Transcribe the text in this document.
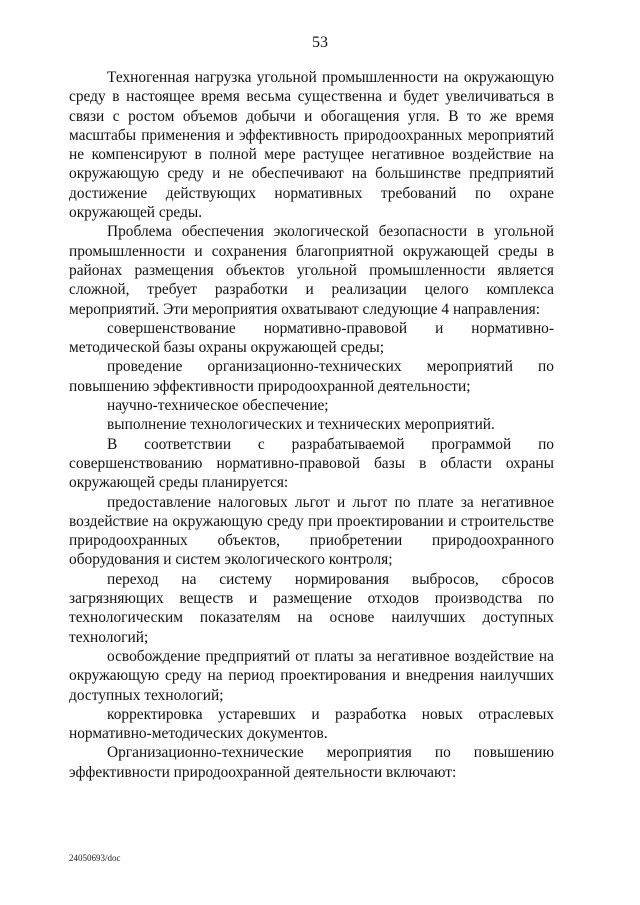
53

Техногенная нагрузка угольной промышленности на окружающую среду в настоящее время весьма существенна и будет увеличиваться в связи с ростом объемов добычи и обогащения угля. В то же время масштабы применения и эффективность природоохранных мероприятий не компенсируют в полной мере растущее негативное воздействие на окружающую среду и не обеспечивают на большинстве предприятий достижение действующих нормативных требований по охране окружающей среды.

Проблема обеспечения экологической безопасности в угольной промышленности и сохранения благоприятной окружающей среды в районах размещения объектов угольной промышленности является сложной, требует разработки и реализации целого комплекса мероприятий. Эти мероприятия охватывают следующие 4 направления:

совершенствование нормативно-правовой и нормативно-методической базы охраны окружающей среды;

проведение организационно-технических мероприятий по повышению эффективности природоохранной деятельности;

научно-техническое обеспечение;

выполнение технологических и технических мероприятий.

В соответствии с разрабатываемой программой по совершенствованию нормативно-правовой базы в области охраны окружающей среды планируется:

предоставление налоговых льгот и льгот по плате за негативное воздействие на окружающую среду при проектировании и строительстве природоохранных объектов, приобретении природоохранного оборудования и систем экологического контроля;

переход на систему нормирования выбросов, сбросов загрязняющих веществ и размещение отходов производства по технологическим показателям на основе наилучших доступных технологий;

освобождение предприятий от платы за негативное воздействие на окружающую среду на период проектирования и внедрения наилучших доступных технологий;

корректировка устаревших и разработка новых отраслевых нормативно-методических документов.

Организационно-технические мероприятия по повышению эффективности природоохранной деятельности включают:

24050693/doc
